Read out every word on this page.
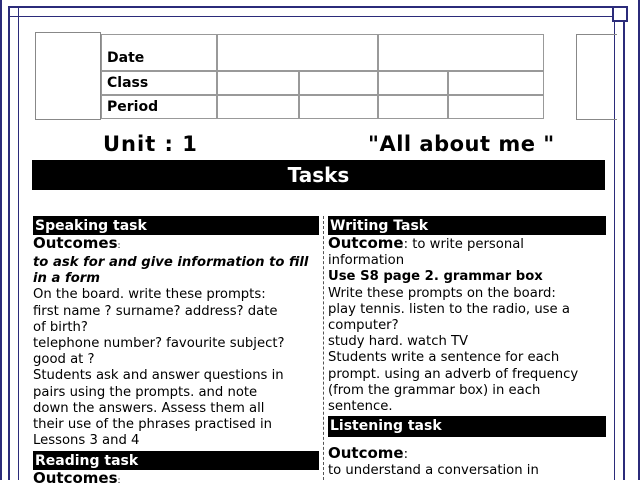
Date
Class
Period
Unit : 1	"All about me "
Tasks
Speaking task
Outcomes:

to ask for and give information to fill in a form

On the board. write these prompts:

first name ? surname? address? date

of birth?

telephone number? favourite subject?

good at ?

Students ask and answer questions in

pairs using the prompts. and note

down the answers. Assess them all

their use of the phrases practised in

Lessons 3 and 4

Reading task
Outcomes:
Writing Task

Outcome: to write personal

information

Use S8 page 2. grammar box

Write these prompts on the board:

play tennis. listen to the radio, use a

computer?

study hard. watch TV

Students write a sentence for each

prompt. using an adverb of frequency

(from the grammar box) in each

sentence.

Listening task

Outcome:

to understand a conversation in
